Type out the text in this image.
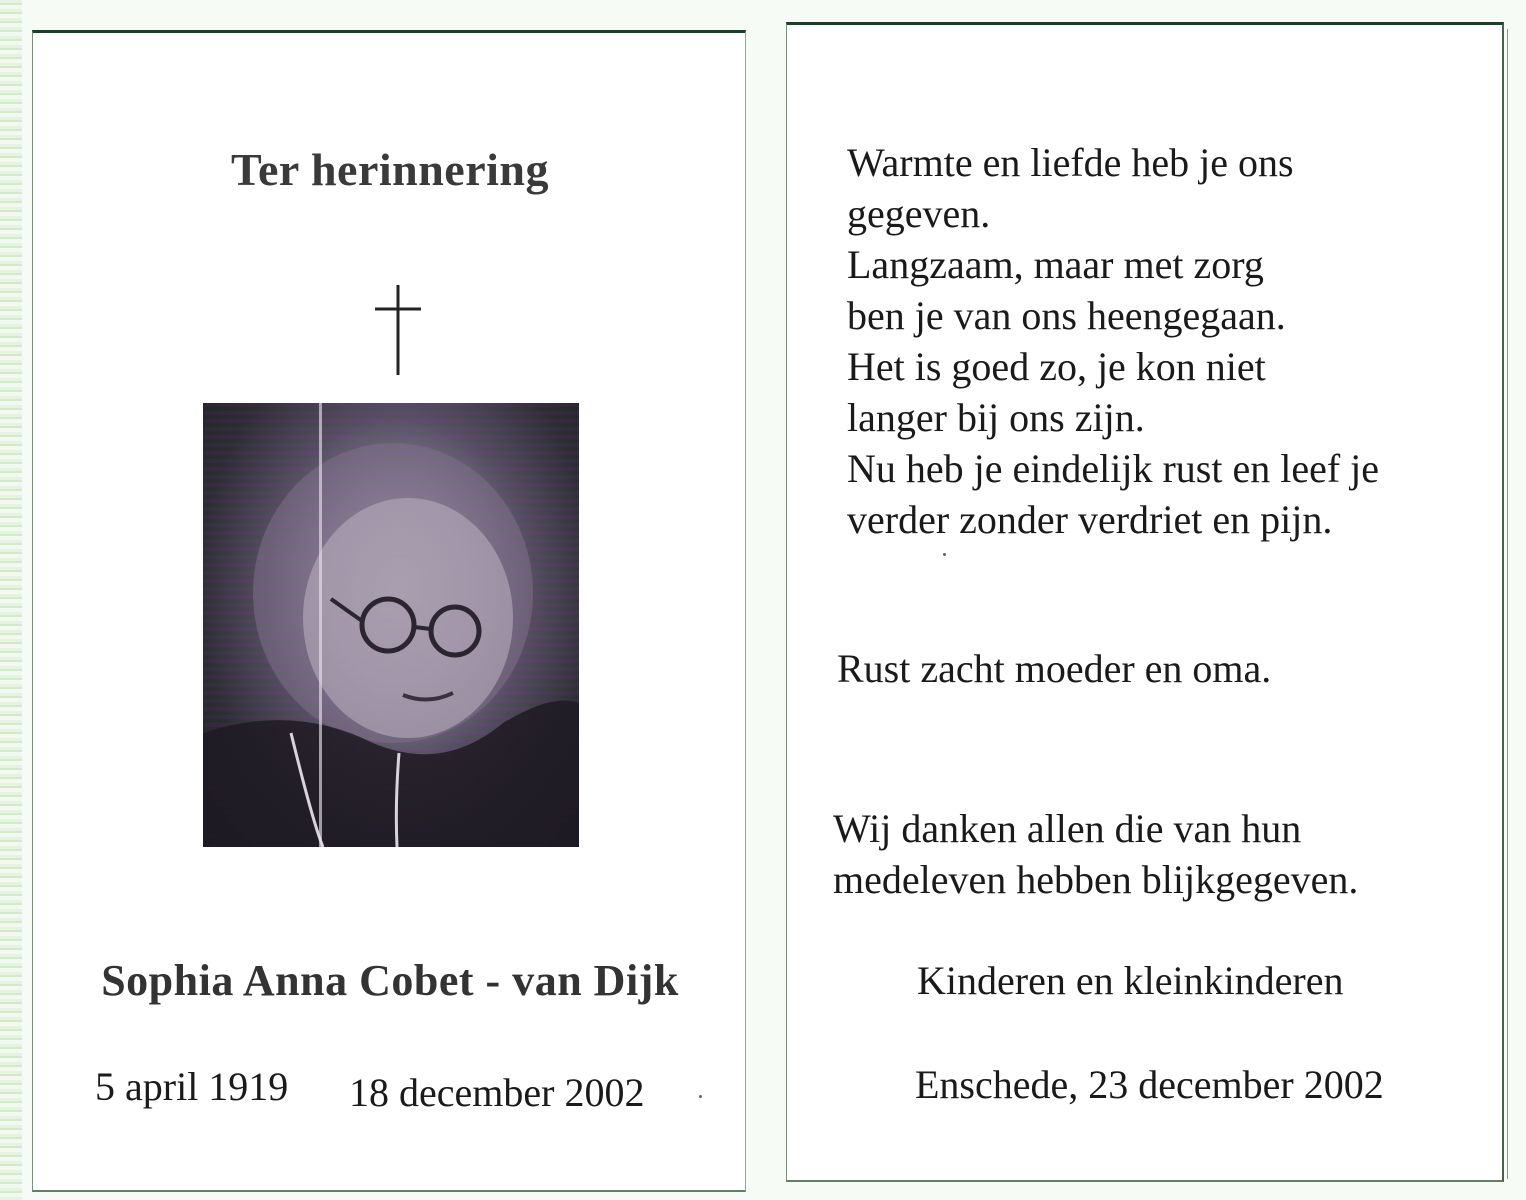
Ter herinnering
Sophia Anna Cobet - van Dijk
5 april 1919 18 december 2002
Warmte en liefde heb je ons
gegeven.
Langzaam, maar met zorg
ben je van ons heengegaan.
Het is goed zo, je kon niet
langer bij ons zijn.
Nu heb je eindelijk rust en leef je
verder zonder verdriet en pijn.
Rust zacht moeder en oma.
Wij danken allen die van hun
medeleven hebben blijkgegeven.
Kinderen en kleinkinderen
Enschede, 23 december 2002
